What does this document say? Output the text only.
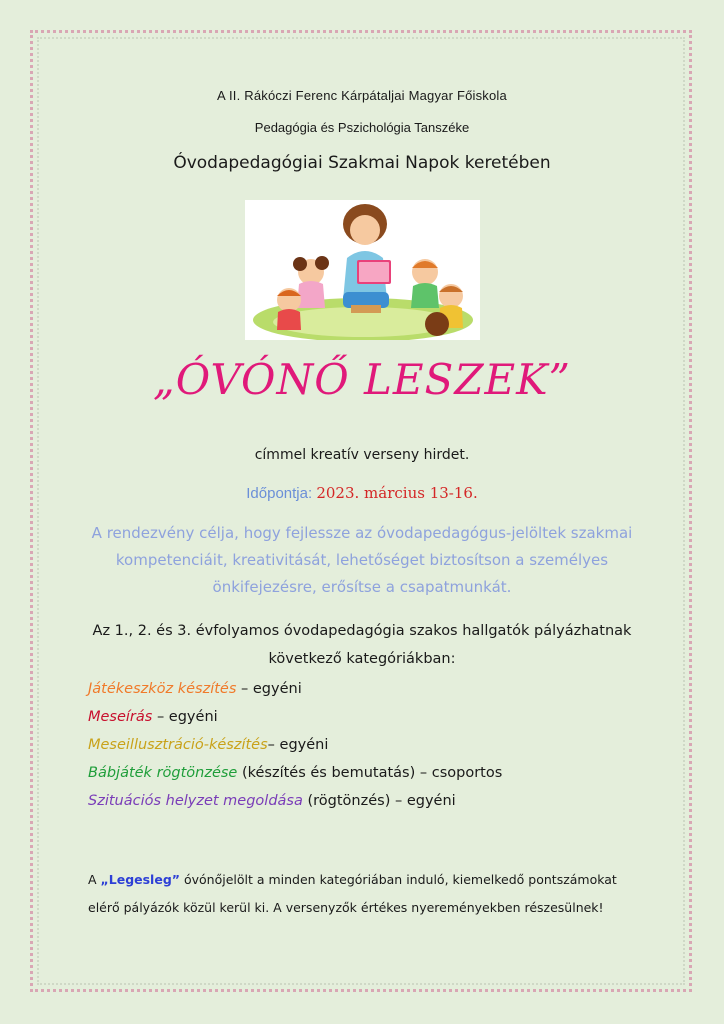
A II. Rákóczi Ferenc Kárpátaljai Magyar Főiskola
Pedagógia és Pszichológia Tanszéke
Óvodapedagógiai Szakmai Napok keretében
„ÓVÓNŐ LESZEK”
címmel kreatív verseny hirdet.
Időpontja: 2023. március 13-16.
A rendezvény célja, hogy fejlessze az óvodapedagógus-jelöltek szakmai kompetenciáit, kreativitását, lehetőséget biztosítson a személyes önkifejezésre, erősítse a csapatmunkát.
Az 1., 2. és 3. évfolyamos óvodapedagógia szakos hallgatók pályázhatnak következő kategóriákban:
Játékeszköz készítés – egyéni
Meseírás – egyéni
Meseillusztráció-készítés– egyéni
Bábjáték rögtönzése (készítés és bemutatás) – csoportos
Szituációs helyzet megoldása (rögtönzés) – egyéni
A „Legesleg” óvónőjelölt a minden kategóriában induló, kiemelkedő pontszámokat elérő pályázók közül kerül ki. A versenyzők értékes nyereményekben részesülnek!
